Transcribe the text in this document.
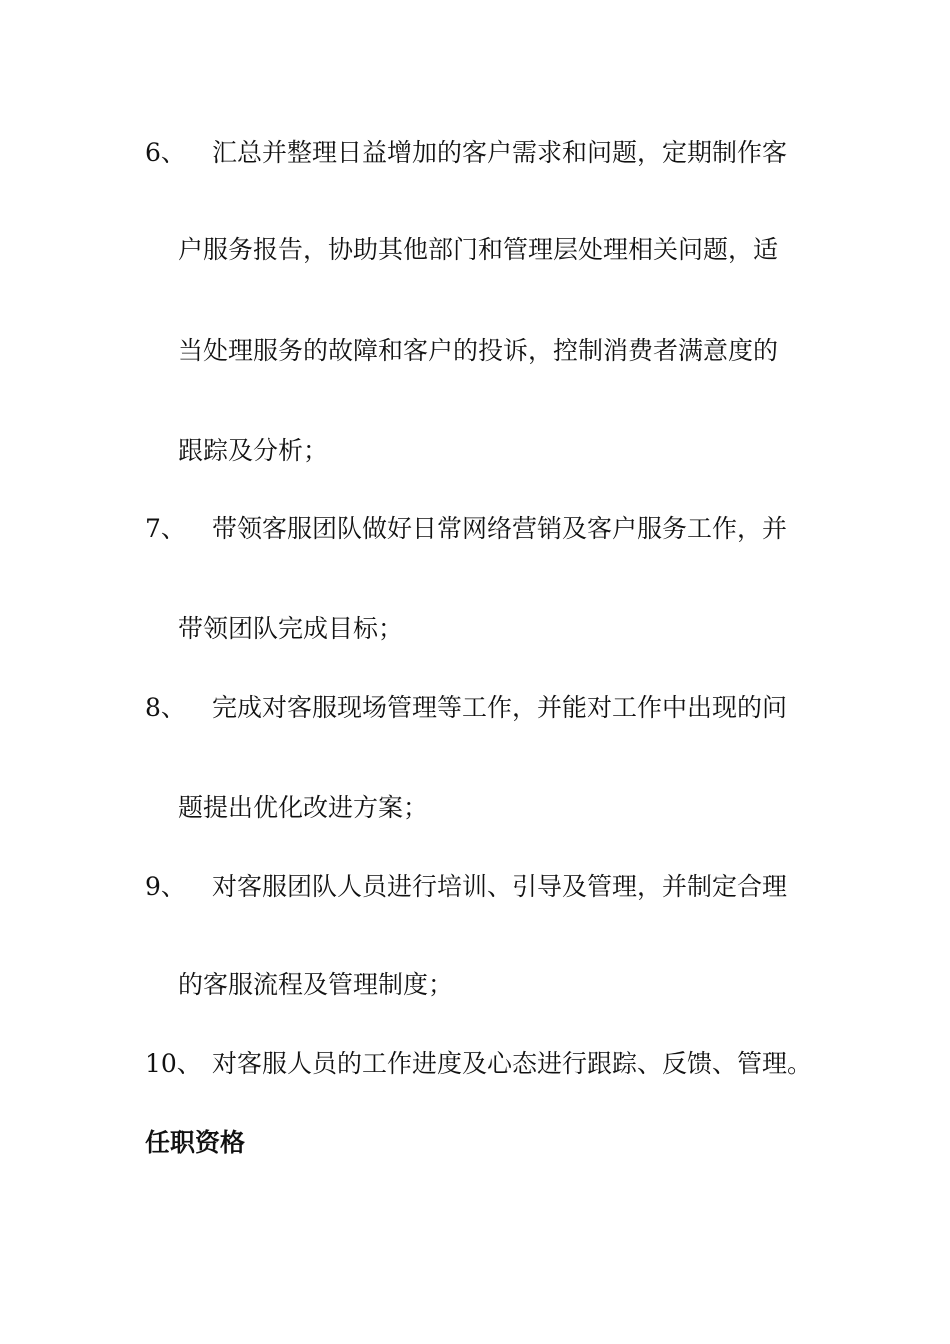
6、 汇总并整理日益增加的客户需求和问题，定期制作客
户服务报告，协助其他部门和管理层处理相关问题，适
当处理服务的故障和客户的投诉，控制消费者满意度的
跟踪及分析；
7、 带领客服团队做好日常网络营销及客户服务工作，并
带领团队完成目标；
8、 完成对客服现场管理等工作，并能对工作中出现的问
题提出优化改进方案；
9、 对客服团队人员进行培训、引导及管理，并制定合理
的客服流程及管理制度；
10、 对客服人员的工作进度及心态进行跟踪、反馈、管理。
任职资格
